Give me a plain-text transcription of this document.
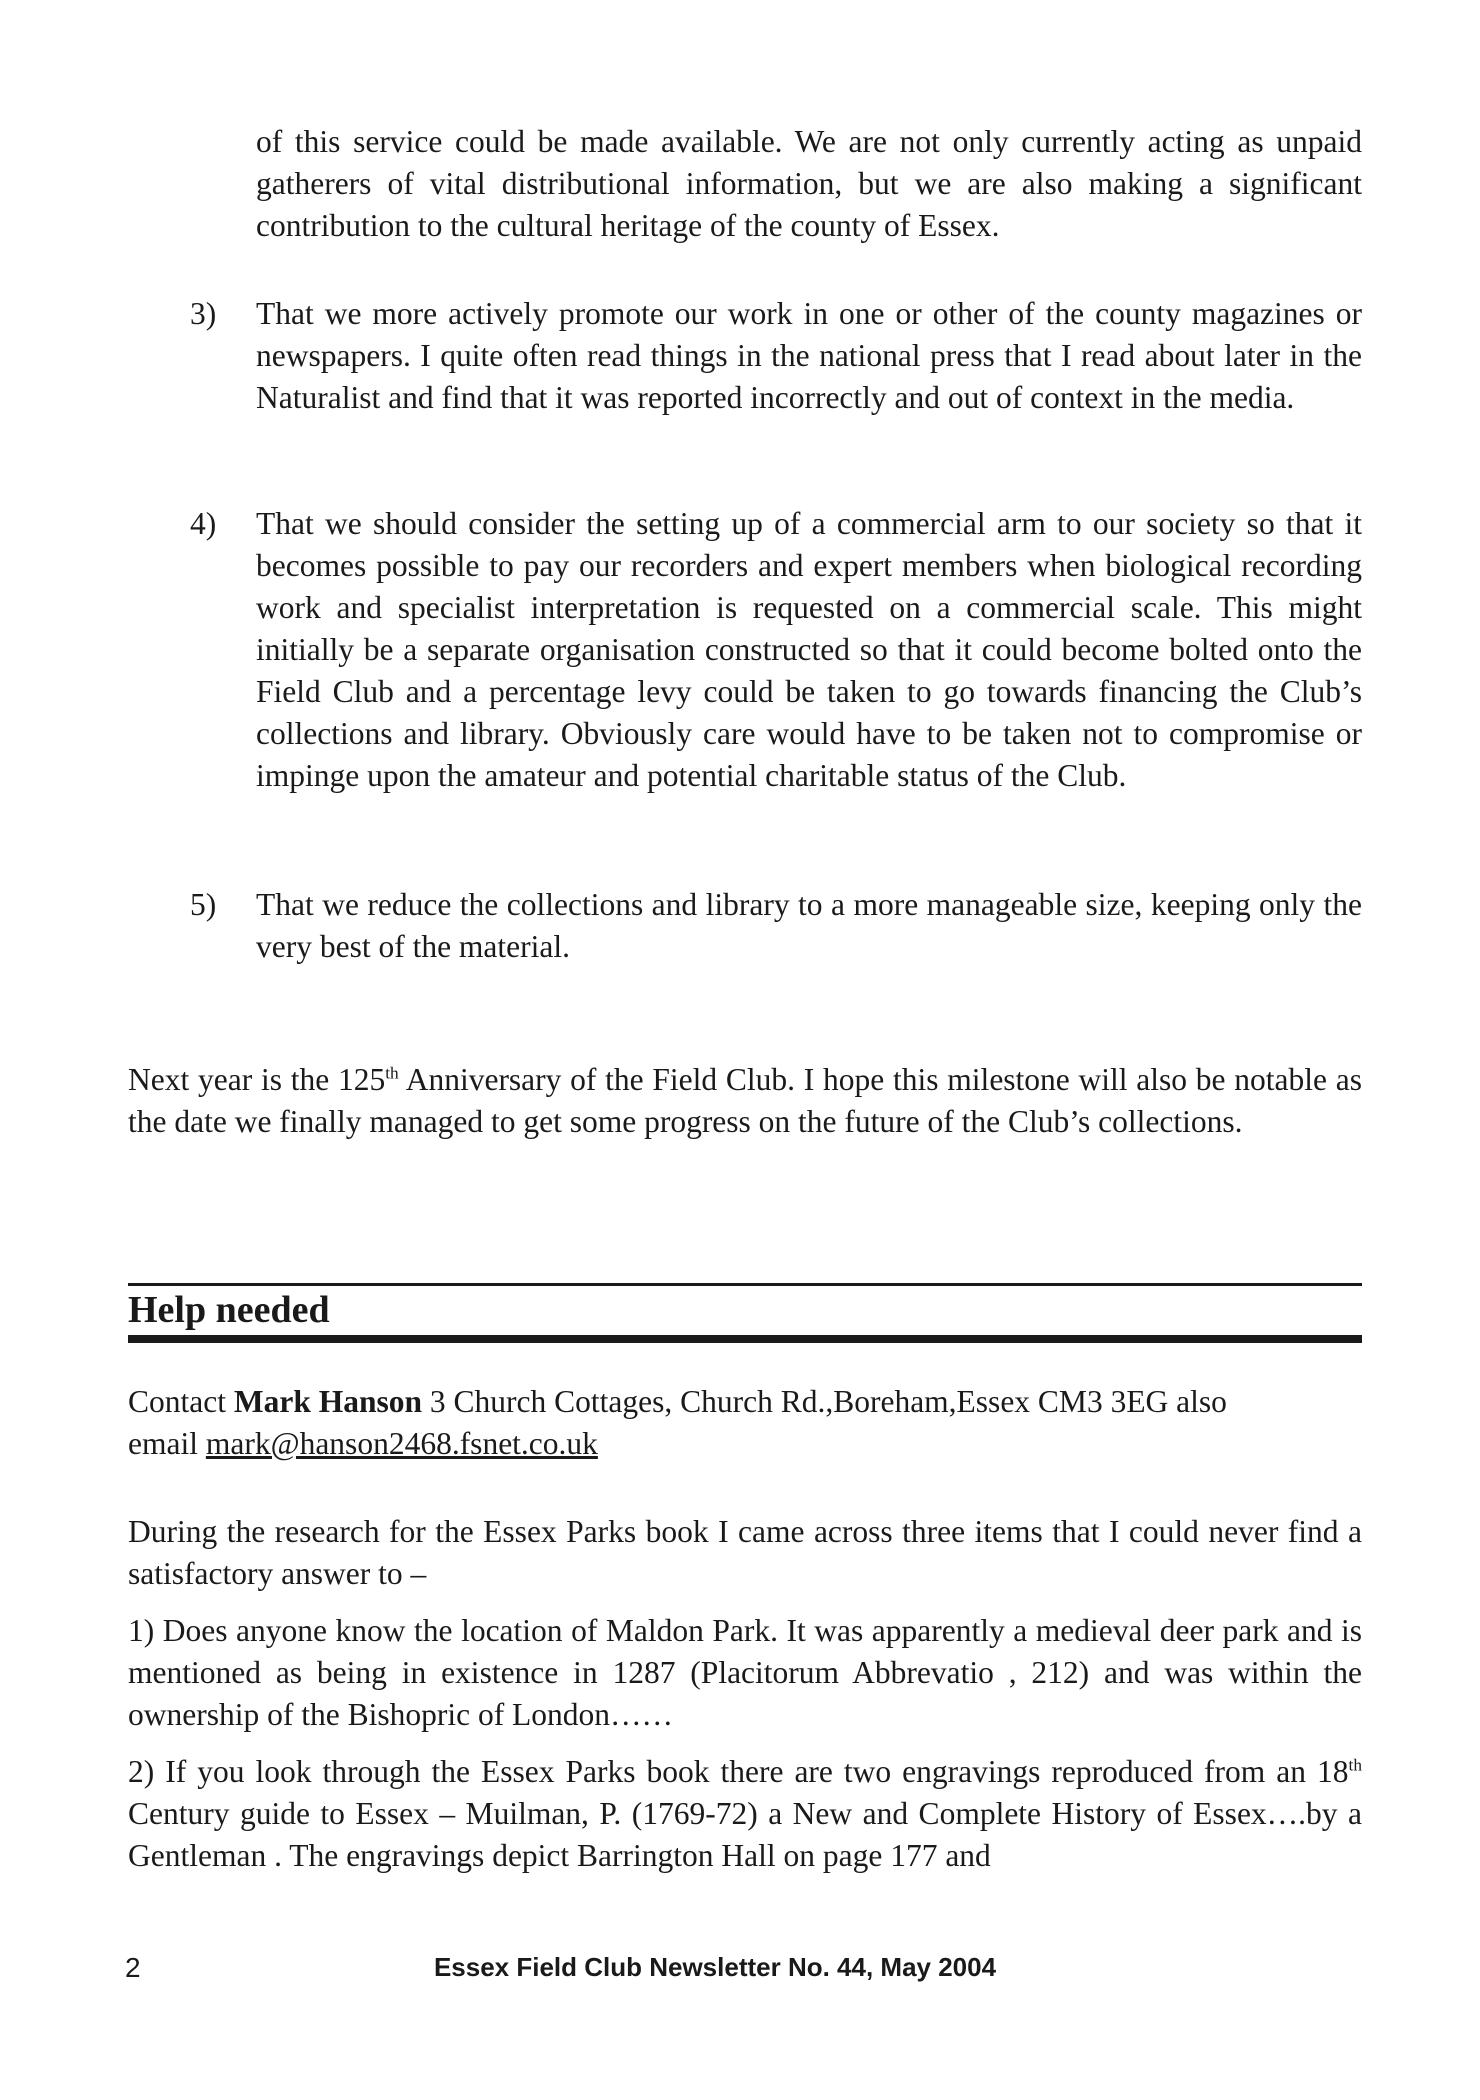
of this service could be made available. We are not only currently acting as unpaid gatherers of vital distributional information, but we are also making a significant contribution to the cultural heritage of the county of Essex.

3) That we more actively promote our work in one or other of the county magazines or newspapers. I quite often read things in the national press that I read about later in the Naturalist and find that it was reported incorrectly and out of context in the media.
4) That we should consider the setting up of a commercial arm to our society so that it becomes possible to pay our recorders and expert members when biological recording work and specialist interpretation is requested on a commercial scale. This might initially be a separate organisation constructed so that it could become bolted onto the Field Club and a percentage levy could be taken to go towards financing the Club’s collections and library. Obviously care would have to be taken not to compromise or impinge upon the amateur and potential charitable status of the Club.
5) That we reduce the collections and library to a more manageable size, keeping only the very best of the material.

Next year is the 125th Anniversary of the Field Club. I hope this milestone will also be notable as the date we finally managed to get some progress on the future of the Club’s collections.

Help needed

Contact Mark Hanson 3 Church Cottages, Church Rd.,Boreham,Essex CM3 3EG also
email mark@hanson2468.fsnet.co.uk

During the research for the Essex Parks book I came across three items that I could never find a satisfactory answer to –

1) Does anyone know the location of Maldon Park. It was apparently a medieval deer park and is mentioned as being in existence in 1287 (Placitorum Abbrevatio , 212) and was within the ownership of the Bishopric of London……

2) If you look through the Essex Parks book there are two engravings reproduced from an 18th Century guide to Essex – Muilman, P. (1769-72) a New and Complete History of Essex….by a Gentleman . The engravings depict Barrington Hall on page 177 and

2	Essex Field Club Newsletter No. 44, May 2004
